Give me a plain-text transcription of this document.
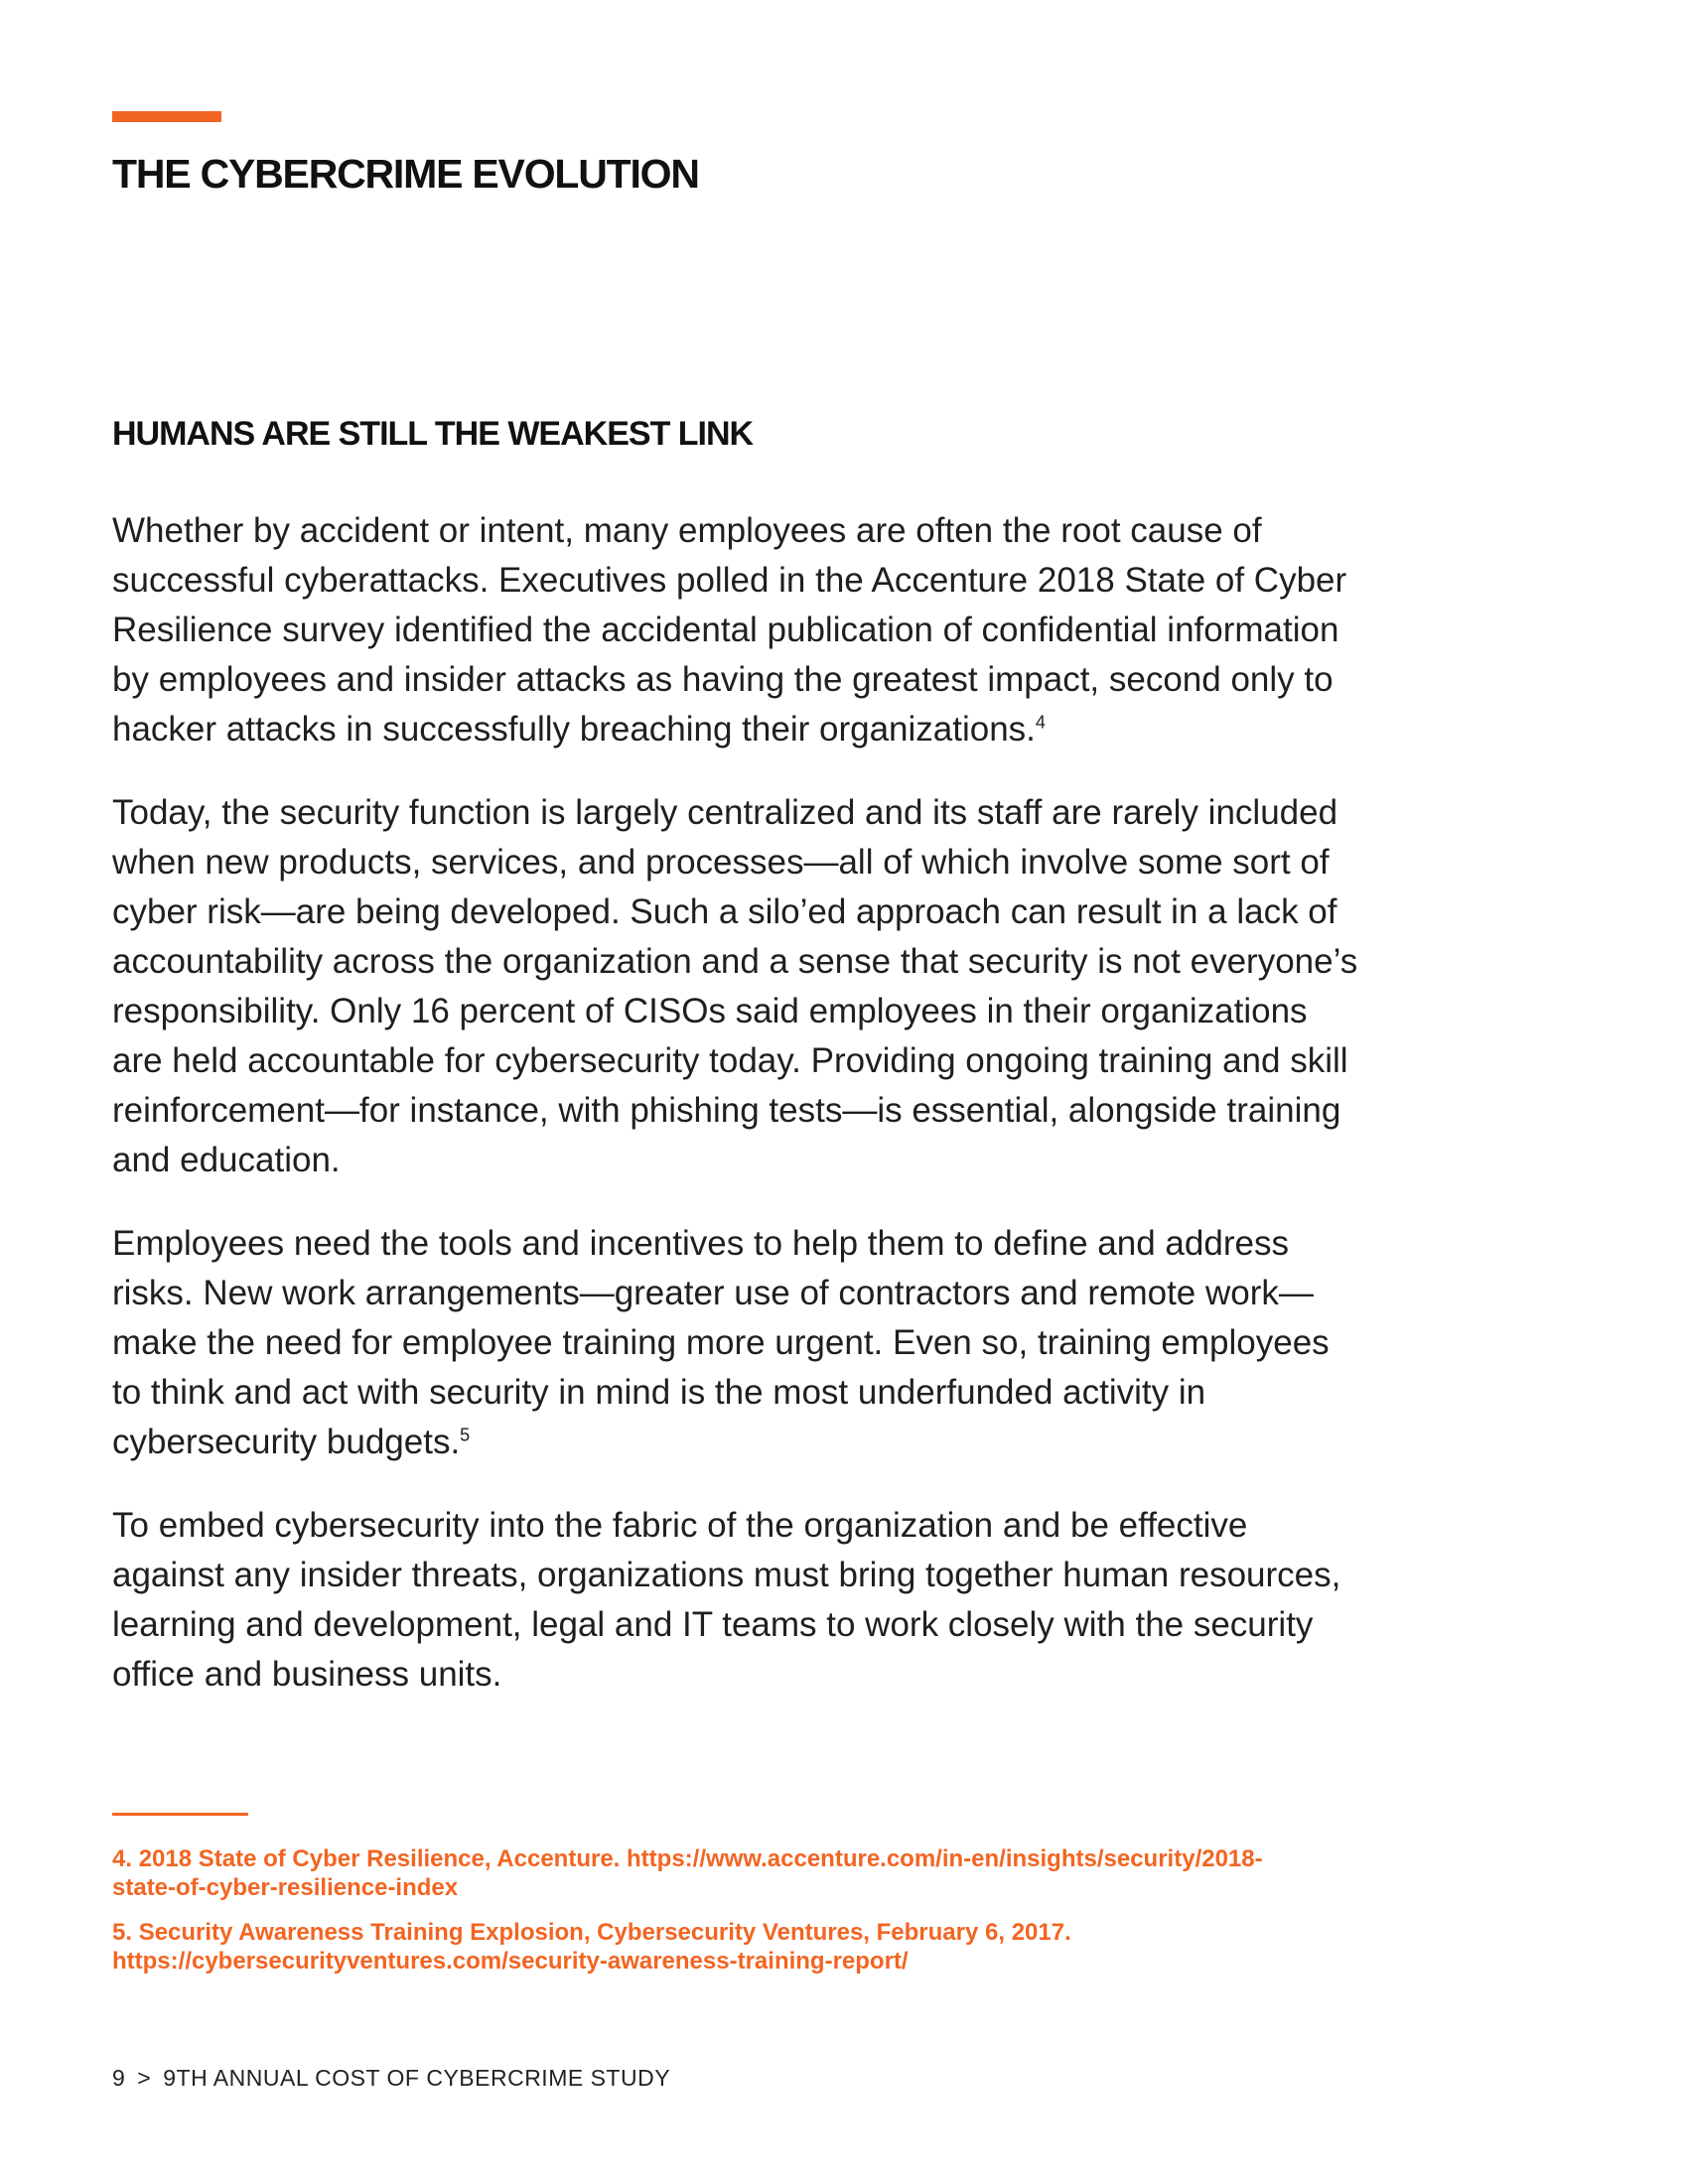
THE CYBERCRIME EVOLUTION
HUMANS ARE STILL THE WEAKEST LINK

Whether by accident or intent, many employees are often the root cause of successful cyberattacks. Executives polled in the Accenture 2018 State of Cyber Resilience survey identified the accidental publication of confidential information by employees and insider attacks as having the greatest impact, second only to hacker attacks in successfully breaching their organizations.$^4$

Today, the security function is largely centralized and its staff are rarely included when new products, services, and processes—all of which involve some sort of cyber risk—are being developed. Such a silo’ed approach can result in a lack of accountability across the organization and a sense that security is not everyone’s responsibility. Only 16 percent of CISOs said employees in their organizations are held accountable for cybersecurity today. Providing ongoing training and skill reinforcement—for instance, with phishing tests—is essential, alongside training and education.

Employees need the tools and incentives to help them to define and address risks. New work arrangements—greater use of contractors and remote work—make the need for employee training more urgent. Even so, training employees to think and act with security in mind is the most underfunded activity in cybersecurity budgets.$^5$

To embed cybersecurity into the fabric of the organization and be effective against any insider threats, organizations must bring together human resources, learning and development, legal and IT teams to work closely with the security office and business units.

4. 2018 State of Cyber Resilience, Accenture. https://www.accenture.com/in-en/insights/security/2018-state-of-cyber-resilience-index

5. Security Awareness Training Explosion, Cybersecurity Ventures, February 6, 2017. https://cybersecurityventures.com/security-awareness-training-report/

9 > 9TH ANNUAL COST OF CYBERCRIME STUDY
